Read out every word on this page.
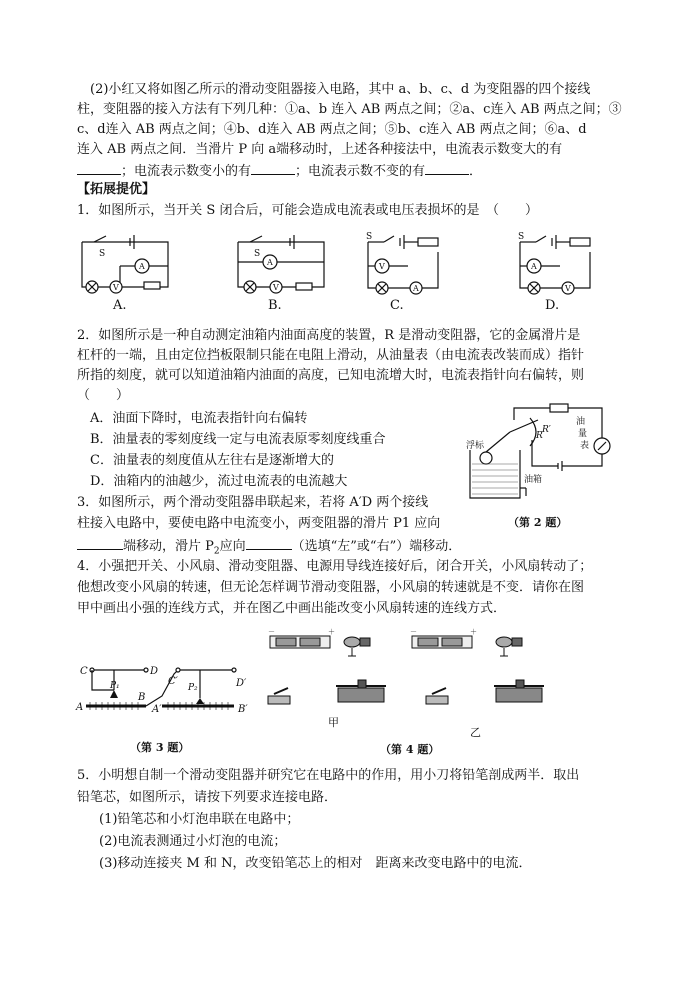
(2)小红又将如图乙所示的滑动变阻器接入电路，其中 a、b、c、d 为变阻器的四个接线
柱，变阻器的接入方法有下列几种：①a、b 连入 AB 两点之间；②a、c连入 AB 两点之间；③
c、d连入 AB 两点之间；④b、d连入 AB 两点之间；⑤b、c连入 AB 两点之间；⑥a、d
连入 AB 两点之间．当滑片 P 向 a端移动时，上述各种接法中，电流表示数变大的有
；电流表示数变小的有	；电流表示数不变的有	．
【拓展提优】
1．如图所示，当开关 S 闭合后，可能会造成电流表或电压表损坏的是　（　　）
S
A
V
A.
S
A
V
B.
S
V
A
C.
S
A
V
D.
2．如图所示是一种自动测定油箱内油面高度的装置，R 是滑动变阻器，它的金属滑片是
杠杆的一端，且由定位挡板限制只能在电阻上滑动，从油量表（由电流表改装而成）指针
所指的刻度，就可以知道油箱内油面的高度，已知电流增大时，电流表指针向右偏转，则
（　　）
A．油面下降时，电流表指针向右偏转
B．油量表的零刻度线一定与电流表原零刻度线重合
C．油量表的刻度值从左往右是逐渐增大的
D．油箱内的油越少，流过电流表的电流越大
R′
R
油
量
表
浮标
油箱
（第 2 题）
3．如图所示，两个滑动变阻器串联起来，若将 A′D 两个接线
柱接入电路中，要使电路中电流变小，两变阻器的滑片 P1 应向
端移动，滑片 $P_2$应向	（选填“左”或“右”）端移动．
4．小强把开关、小风扇、滑动变阻器、电源用导线连接好后，闭合开关，小风扇转动了；
他想改变小风扇的转速，但无论怎样调节滑动变阻器，小风扇的转速就是不变．请你在图
甲中画出小强的连线方式，并在图乙中画出能改变小风扇转速的连线方式．
C	D
C′	D′
A
B
A′	B′
P₁	P₂
（第 3 题）
－	＋
甲
－	＋
乙
（第 4 题）
5．小明想自制一个滑动变阻器并研究它在电路中的作用，用小刀将铅笔剖成两半．取出
铅笔芯，如图所示，请按下列要求连接电路．
(1)铅笔芯和小灯泡串联在电路中；
(2)电流表测通过小灯泡的电流；
(3)移动连接夹 M 和 N，改变铅笔芯上的相对　距离来改变电路中的电流．
